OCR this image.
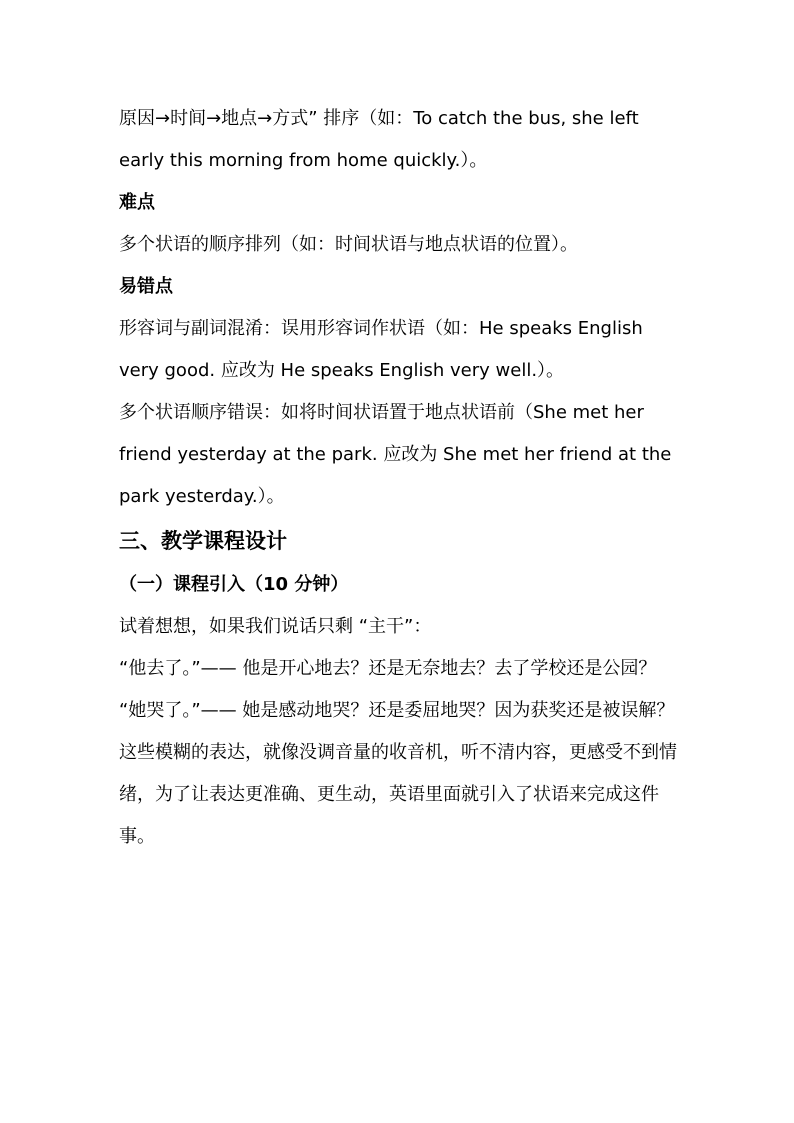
原因→时间→地点→方式” 排序（如：To catch the bus, she left early this morning from home quickly.）。

难点

多个状语的顺序排列（如：时间状语与地点状语的位置）。

易错点

形容词与副词混淆：误用形容词作状语（如：He speaks English very good. 应改为 He speaks English very well.）。

多个状语顺序错误：如将时间状语置于地点状语前（She met her friend yesterday at the park. 应改为 She met her friend at the park yesterday.）。

三、教学课程设计

（一）课程引入（10 分钟）

试着想想，如果我们说话只剩 “主干”：

“他去了。”—— 他是开心地去？还是无奈地去？去了学校还是公园？

“她哭了。”—— 她是感动地哭？还是委屈地哭？因为获奖还是被误解？

这些模糊的表达，就像没调音量的收音机，听不清内容，更感受不到情绪，为了让表达更准确、更生动，英语里面就引入了状语来完成这件事。
